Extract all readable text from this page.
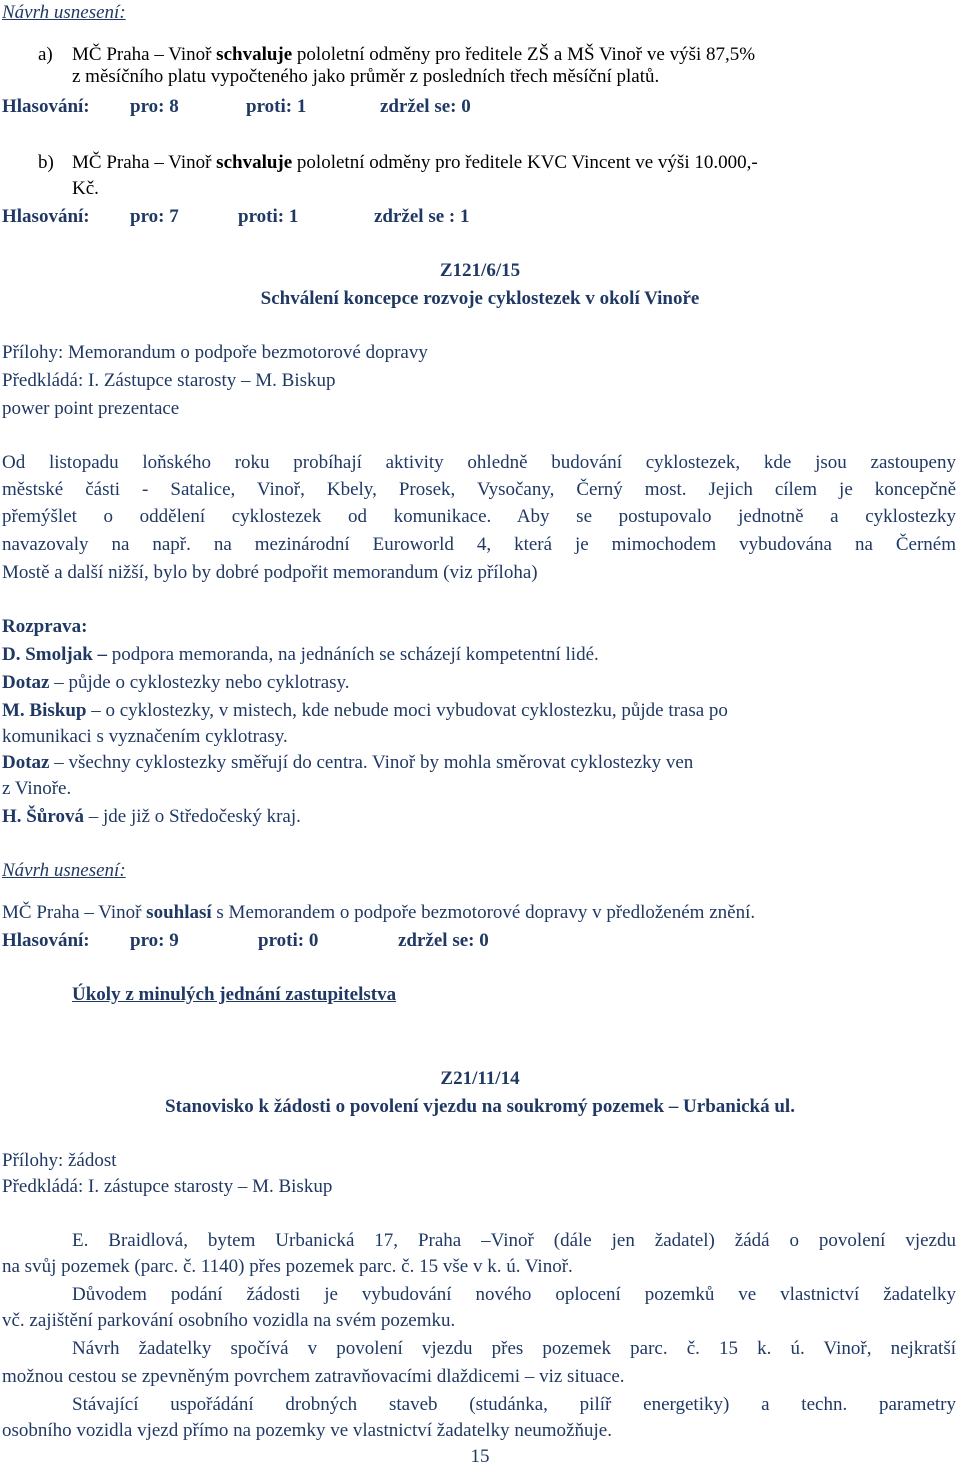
Návrh usnesení:
a) MČ Praha – Vinoř schvaluje pololetní odměny pro ředitele ZŠ a MŠ Vinoř ve výši 87,5%
z měsíčního platu vypočteného jako průměr z posledních třech měsíční platů.
Hlasování: pro: 8	proti: 1	zdržel se: 0
b) MČ Praha – Vinoř schvaluje pololetní odměny pro ředitele KVC Vincent ve výši 10.000,-
Kč.
Hlasování: pro: 7	proti: 1	zdržel se : 1
Z121/6/15
Schválení koncepce rozvoje cyklostezek v okolí Vinoře
Přílohy: Memorandum o podpoře bezmotorové dopravy
Předkládá: I. Zástupce starosty – M. Biskup
power point prezentace
Od listopadu loňského roku probíhají aktivity ohledně budování cyklostezek, kde jsou zastoupeny
městské části - Satalice, Vinoř, Kbely, Prosek, Vysočany, Černý most. Jejich cílem je koncepčně
přemýšlet o oddělení cyklostezek od komunikace. Aby se postupovalo jednotně a cyklostezky
navazovaly na např. na mezinárodní Euroworld 4, která je mimochodem vybudována na Černém
Mostě a další nižší, bylo by dobré podpořit memorandum (viz příloha)
Rozprava:
D. Smoljak – podpora memoranda, na jednáních se scházejí kompetentní lidé.
Dotaz – půjde o cyklostezky nebo cyklotrasy.
M. Biskup – o cyklostezky, v mistech, kde nebude moci vybudovat cyklostezku, půjde trasa po
komunikaci s vyznačením cyklotrasy.
Dotaz – všechny cyklostezky směřují do centra. Vinoř by mohla směrovat cyklostezky ven
z Vinoře.
H. Šůrová – jde již o Středočeský kraj.
Návrh usnesení:
MČ Praha – Vinoř souhlasí s Memorandem o podpoře bezmotorové dopravy v předloženém znění.
Hlasování: pro: 9	proti: 0	zdržel se: 0
Úkoly z minulých jednání zastupitelstva
Z21/11/14
Stanovisko k žádosti o povolení vjezdu na soukromý pozemek – Urbanická ul.
Přílohy: žádost
Předkládá: I. zástupce starosty – M. Biskup
E. Braidlová, bytem Urbanická 17, Praha –Vinoř (dále jen žadatel) žádá o povolení vjezdu
na svůj pozemek (parc. č. 1140) přes pozemek parc. č. 15 vše v k. ú. Vinoř.
Důvodem podání žádosti je vybudování nového oplocení pozemků ve vlastnictví žadatelky
vč. zajištění parkování osobního vozidla na svém pozemku.
Návrh žadatelky spočívá v povolení vjezdu přes pozemek parc. č. 15 k. ú. Vinoř, nejkratší
možnou cestou se zpevněným povrchem zatravňovacími dlaždicemi – viz situace.
Stávající uspořádání drobných staveb (studánka, pilíř energetiky) a techn. parametry
osobního vozidla vjezd přímo na pozemky ve vlastnictví žadatelky neumožňuje.
15
